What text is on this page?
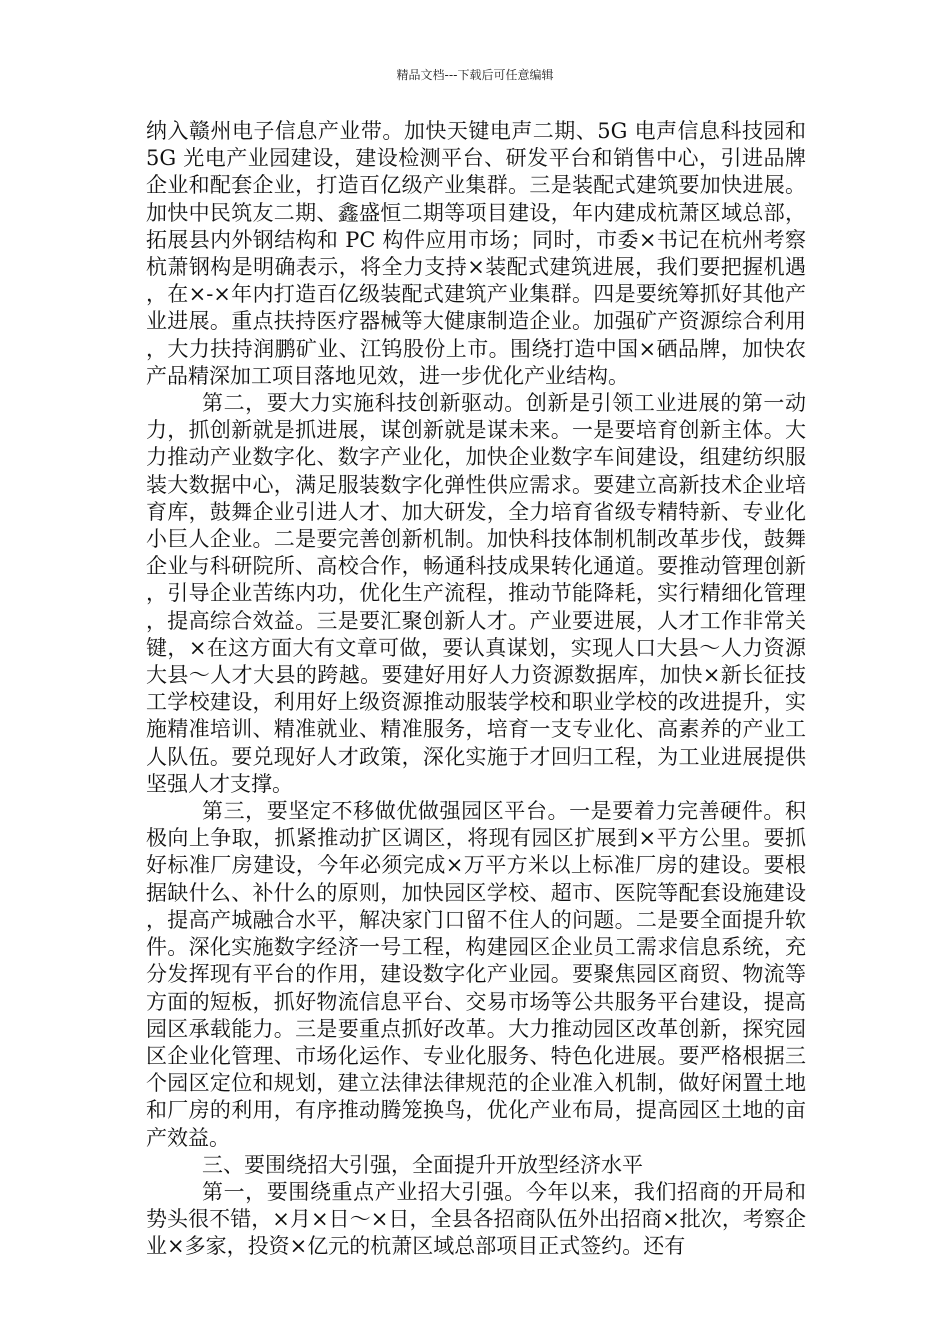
精品文档---下载后可任意编辑

纳入赣州电子信息产业带。加快天键电声二期、5G 电声信息科技园和 5G 光电产业园建设，建设检测平台、研发平台和销售中心，引进品牌企业和配套企业，打造百亿级产业集群。三是装配式建筑要加快进展。加快中民筑友二期、鑫盛恒二期等项目建设，年内建成杭萧区域总部，拓展县内外钢结构和 PC 构件应用市场；同时，市委×书记在杭州考察杭萧钢构是明确表示，将全力支持×装配式建筑进展，我们要把握机遇，在×-×年内打造百亿级装配式建筑产业集群。四是要统筹抓好其他产业进展。重点扶持医疗器械等大健康制造企业。加强矿产资源综合利用，大力扶持润鹏矿业、江钨股份上市。围绕打造中国×硒品牌，加快农产品精深加工项目落地见效，进一步优化产业结构。

第二，要大力实施科技创新驱动。创新是引领工业进展的第一动力，抓创新就是抓进展，谋创新就是谋未来。一是要培育创新主体。大力推动产业数字化、数字产业化，加快企业数字车间建设，组建纺织服装大数据中心，满足服装数字化弹性供应需求。要建立高新技术企业培育库，鼓舞企业引进人才、加大研发，全力培育省级专精特新、专业化小巨人企业。二是要完善创新机制。加快科技体制机制改革步伐，鼓舞企业与科研院所、高校合作，畅通科技成果转化通道。要推动管理创新，引导企业苦练内功，优化生产流程，推动节能降耗，实行精细化管理，提高综合效益。三是要汇聚创新人才。产业要进展，人才工作非常关键，×在这方面大有文章可做，要认真谋划，实现人口大县～人力资源大县～人才大县的跨越。要建好用好人力资源数据库，加快×新长征技工学校建设，利用好上级资源推动服装学校和职业学校的改进提升，实施精准培训、精准就业、精准服务，培育一支专业化、高素养的产业工人队伍。要兑现好人才政策，深化实施于才回归工程，为工业进展提供坚强人才支撑。

第三，要坚定不移做优做强园区平台。一是要着力完善硬件。积极向上争取，抓紧推动扩区调区，将现有园区扩展到×平方公里。要抓好标准厂房建设，今年必须完成×万平方米以上标准厂房的建设。要根据缺什么、补什么的原则，加快园区学校、超市、医院等配套设施建设，提高产城融合水平，解决家门口留不住人的问题。二是要全面提升软件。深化实施数字经济一号工程，构建园区企业员工需求信息系统，充分发挥现有平台的作用，建设数字化产业园。要聚焦园区商贸、物流等方面的短板，抓好物流信息平台、交易市场等公共服务平台建设，提高园区承载能力。三是要重点抓好改革。大力推动园区改革创新，探究园区企业化管理、市场化运作、专业化服务、特色化进展。要严格根据三个园区定位和规划，建立法律法律规范的企业准入机制，做好闲置土地和厂房的利用，有序推动腾笼换鸟，优化产业布局，提高园区土地的亩产效益。

三、要围绕招大引强，全面提升开放型经济水平

第一，要围绕重点产业招大引强。今年以来，我们招商的开局和势头很不错，×月×日～×日，全县各招商队伍外出招商×批次，考察企业×多家，投资×亿元的杭萧区域总部项目正式签约。还有
